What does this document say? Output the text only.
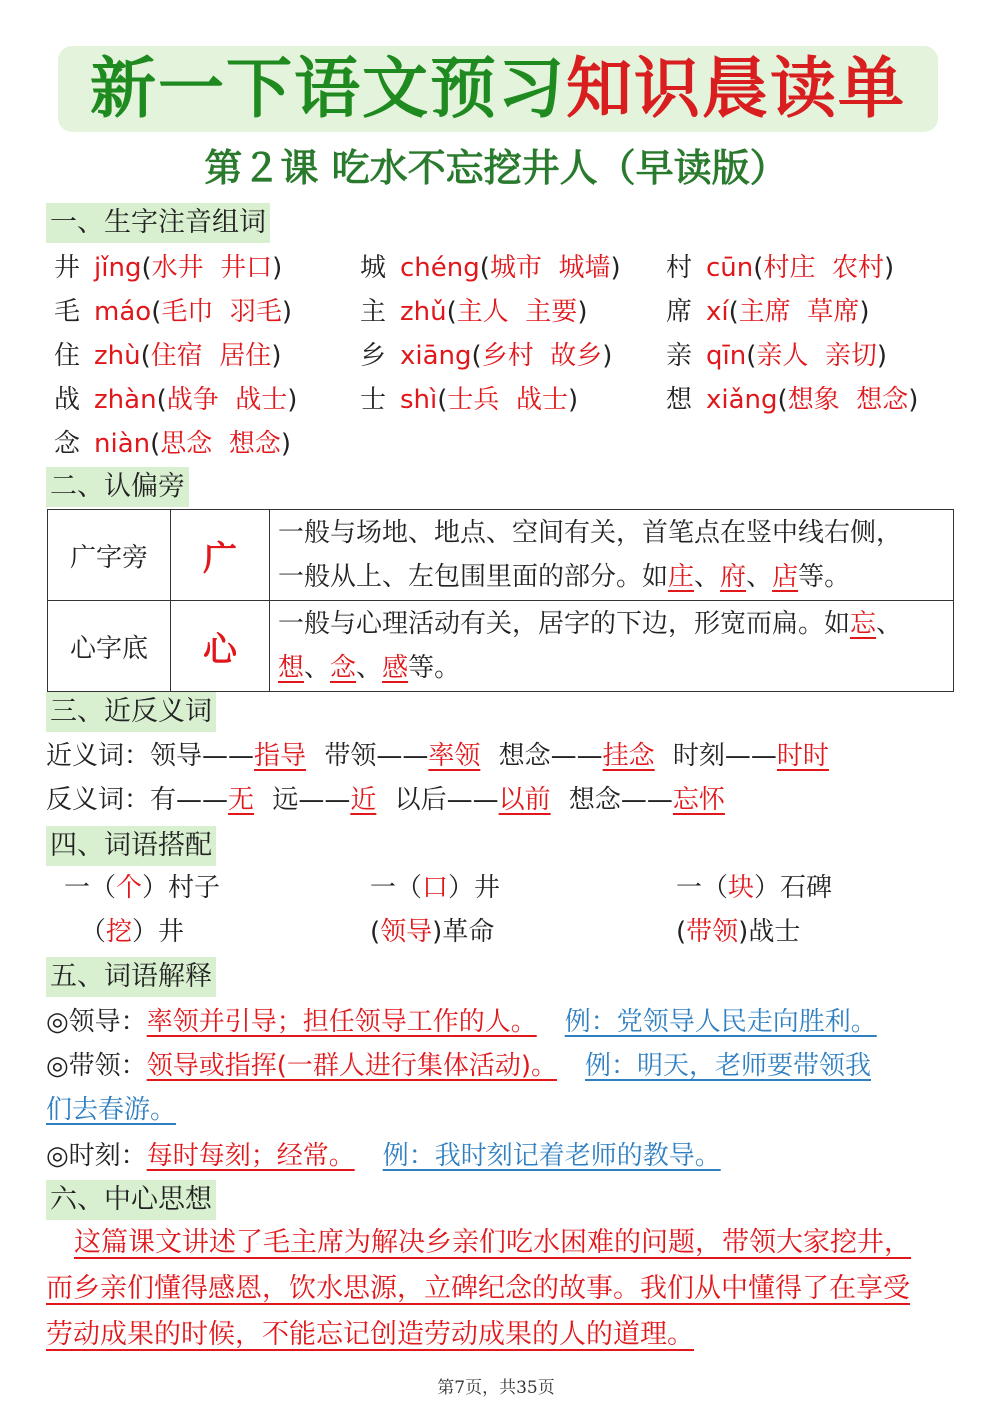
新一下语文预习知识晨读单
第２课 吃水不忘挖井人（早读版）
一、生字注音组词
井 jǐng(水井  井口)	城 chéng(城市  城墙) 村 cūn(村庄  农村)
毛 máo(毛巾  羽毛)	主 zhǔ(主人  主要)	席 xí(主席  草席)
住 zhù(住宿  居住)	乡 xiāng(乡村  故乡) 亲 qīn(亲人  亲切)
战 zhàn(战争  战士) 士 shì(士兵  战士)	想 xiǎng(想象  想念)
念 niàn(思念  想念)
二、认偏旁
广字旁	广	一般与场地、地点、空间有关，首笔点在竖中线右侧，
一般从上、左包围里面的部分。如庄、府、店等。

心字底	心	一般与心理活动有关，居字的下边，形宽而扁。如忘、
想、念、感等。
三、近反义词
近义词：领导——指导 带领——率领 想念——挂念 时刻——时时
反义词：有——无 远——近 以后——以前 想念——忘怀
四、词语搭配
一（个）村子	一（口）井	一（块）石碑
（挖）井	(领导)革命	(带领)战士
五、词语解释
◎领导：率领并引导；担任领导工作的人。 例：党领导人民走向胜利。
◎带领：领导或指挥(一群人进行集体活动)。 例：明天，老师要带领我
们去春游。
◎时刻：每时每刻；经常。 例：我时刻记着老师的教导。
六、中心思想
这篇课文讲述了毛主席为解决乡亲们吃水困难的问题，带领大家挖井，
而乡亲们懂得感恩，饮水思源，立碑纪念的故事。我们从中懂得了在享受
劳动成果的时候，不能忘记创造劳动成果的人的道理。
第7页，共35页
